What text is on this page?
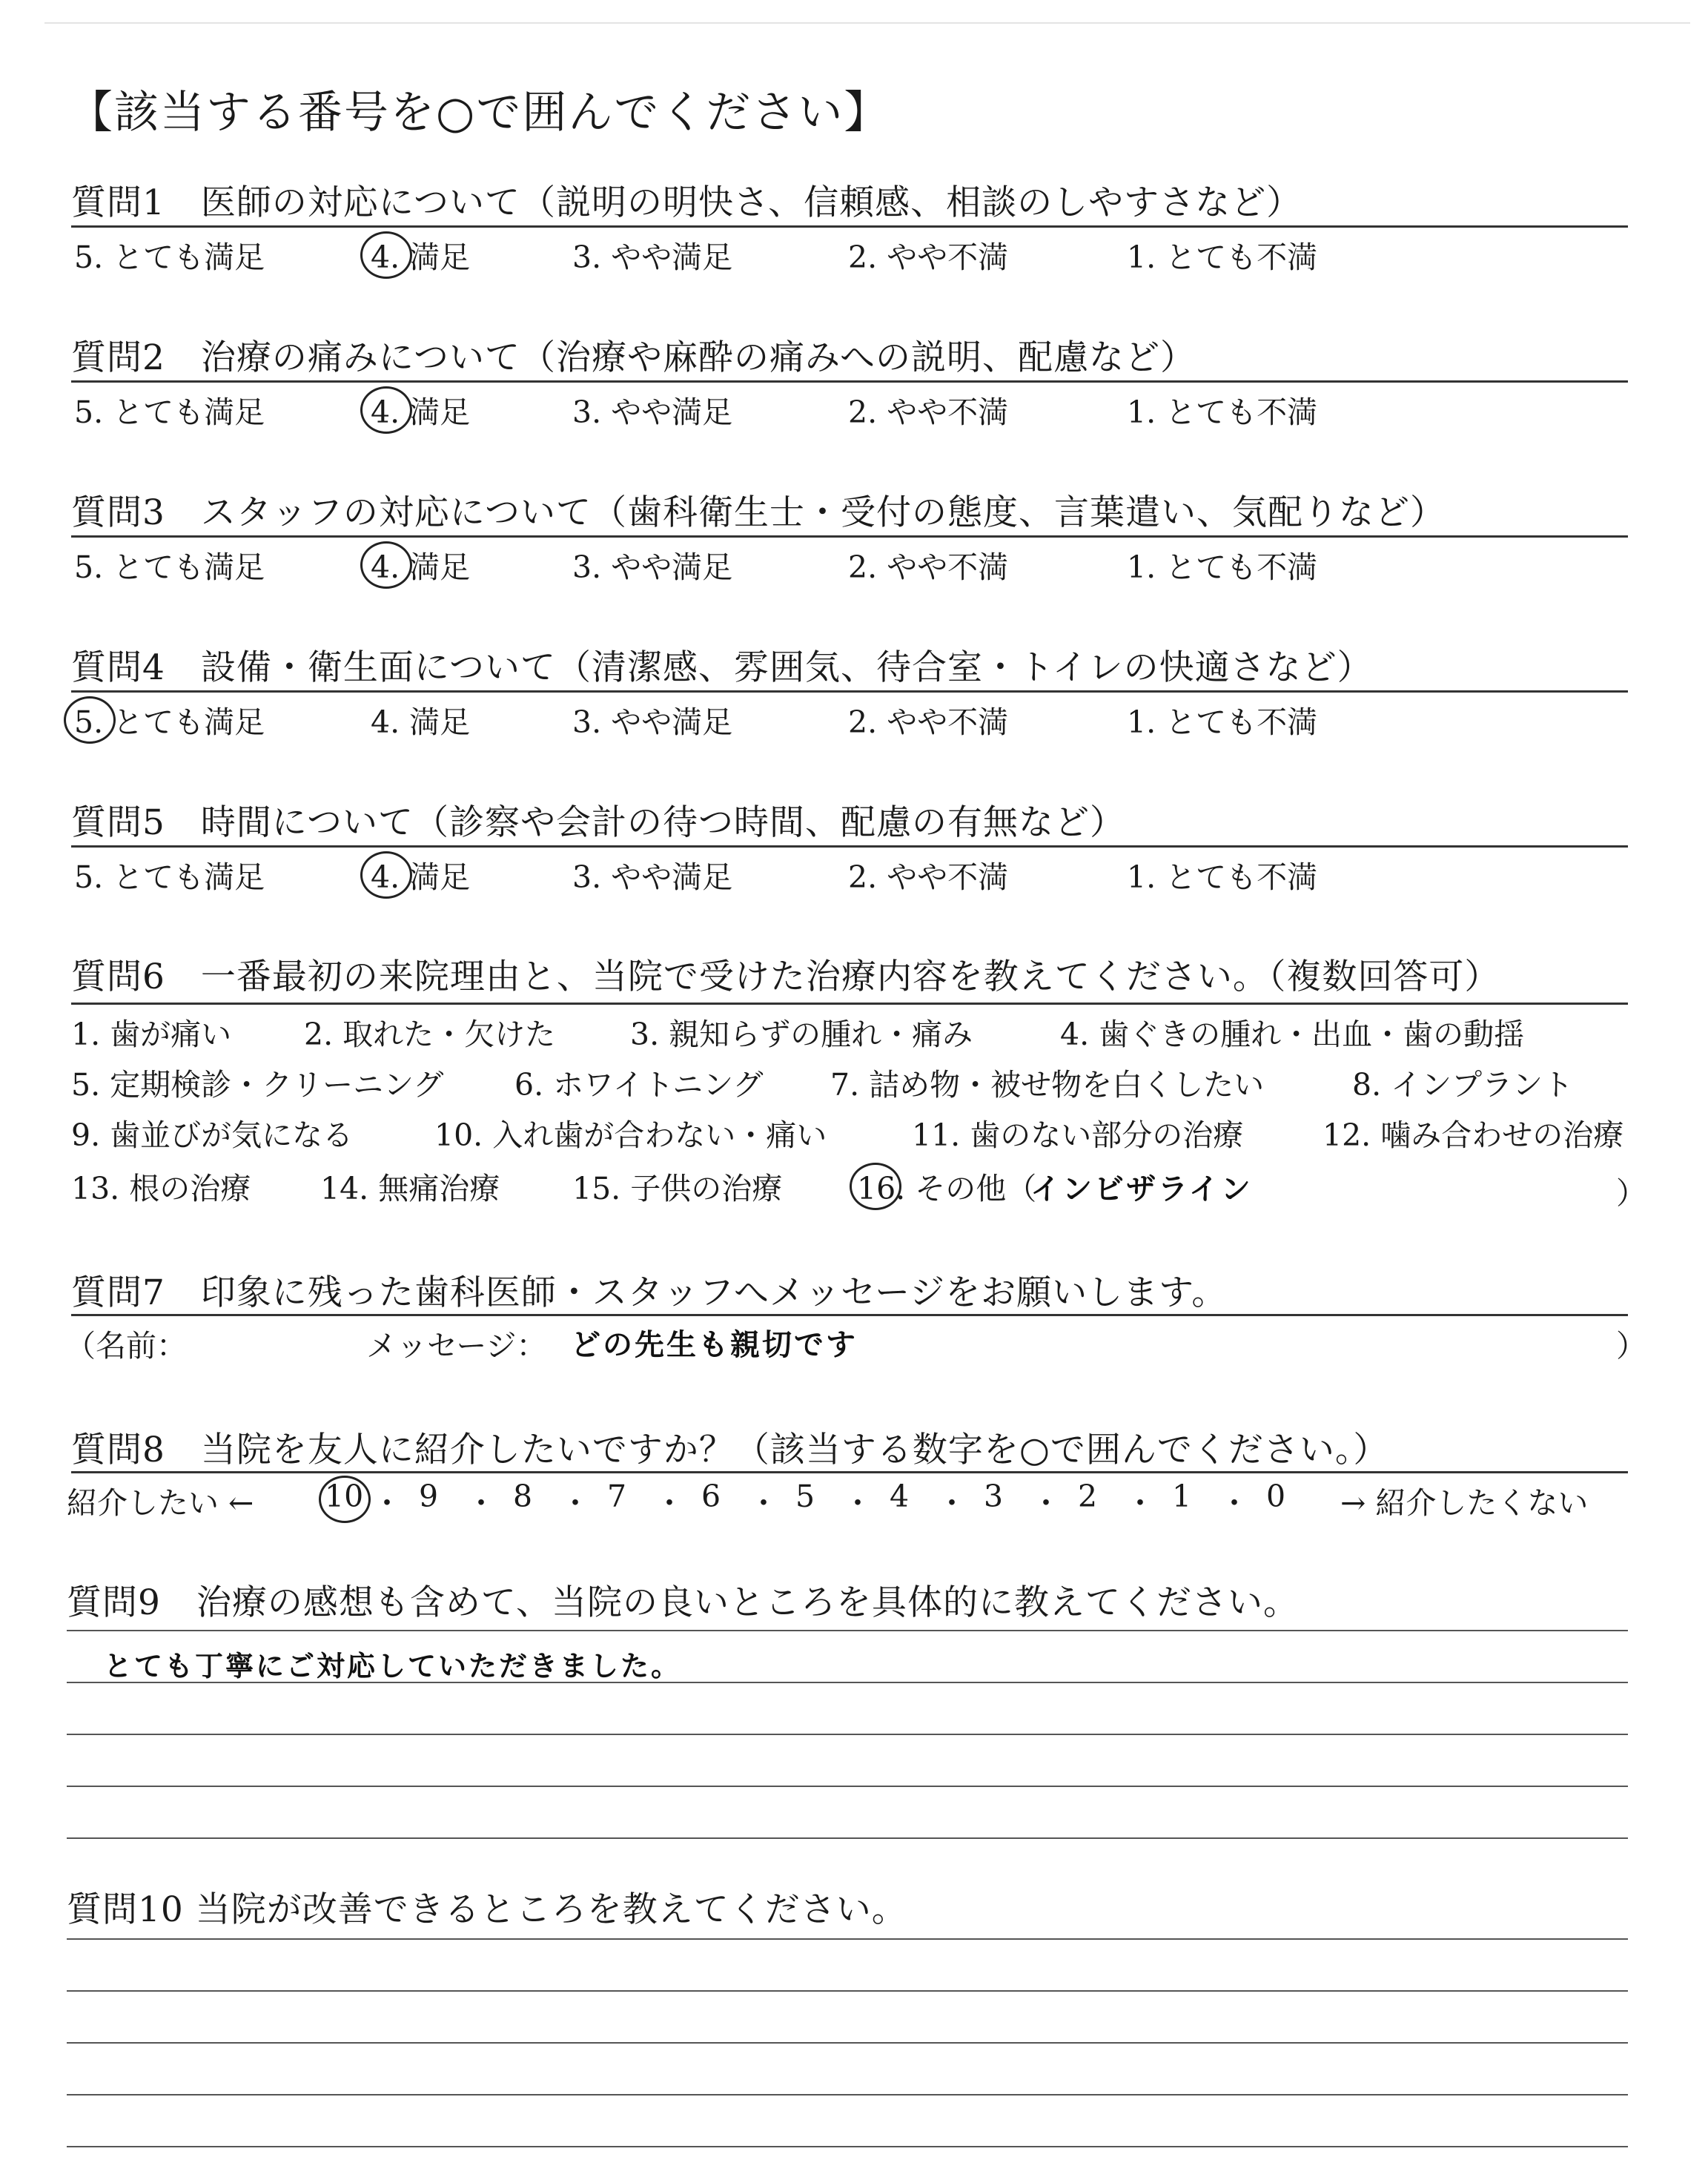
【該当する番号を○で囲んでください】
質問1　医師の対応について（説明の明快さ、信頼感、相談のしやすさなど）
5. とても満足	4. 満足	3. やや満足	2. やや不満	1. とても不満
質問2　治療の痛みについて（治療や麻酔の痛みへの説明、配慮など）
5. とても満足	4. 満足	3. やや満足	2. やや不満	1. とても不満
質問3　スタッフの対応について（歯科衛生士・受付の態度、言葉遣い、気配りなど）
5. とても満足	4. 満足	3. やや満足	2. やや不満	1. とても不満
質問4　設備・衛生面について（清潔感、雰囲気、待合室・トイレの快適さなど）
5. とても満足	4. 満足	3. やや満足	2. やや不満	1. とても不満
質問5　時間について（診察や会計の待つ時間、配慮の有無など）
5. とても満足	4. 満足	3. やや満足	2. やや不満	1. とても不満
質問6　一番最初の来院理由と、当院で受けた治療内容を教えてください。（複数回答可）
1. 歯が痛い 2. 取れた・欠けた 3. 親知らずの腫れ・痛み	4. 歯ぐきの腫れ・出血・歯の動揺
5. 定期検診・クリーニング 6. ホワイトニング 7. 詰め物・被せ物を白くしたい	8. インプラント
9. 歯並びが気になる	10. 入れ歯が合わない・痛い	11. 歯のない部分の治療	12. 噛み合わせの治療
13. 根の治療 14. 無痛治療 15. 子供の治療 16. その他（
インビザライン	）
質問7　印象に残った歯科医師・スタッフへメッセージをお願いします。
（名前：	メッセージ： どの先生も親切です	）
質問8　当院を友人に紹介したいですか？（該当する数字を○で囲んでください。）
紹介したい ← 10 ・ 9 ・ 8 ・ 7 ・ 6 ・ 5 ・ 4 ・ 3 ・ 2 ・ 1 ・ 0 → 紹介したくない
質問9　治療の感想も含めて、当院の良いところを具体的に教えてください。
とても丁寧にご対応していただきました。
質問10 当院が改善できるところを教えてください。
